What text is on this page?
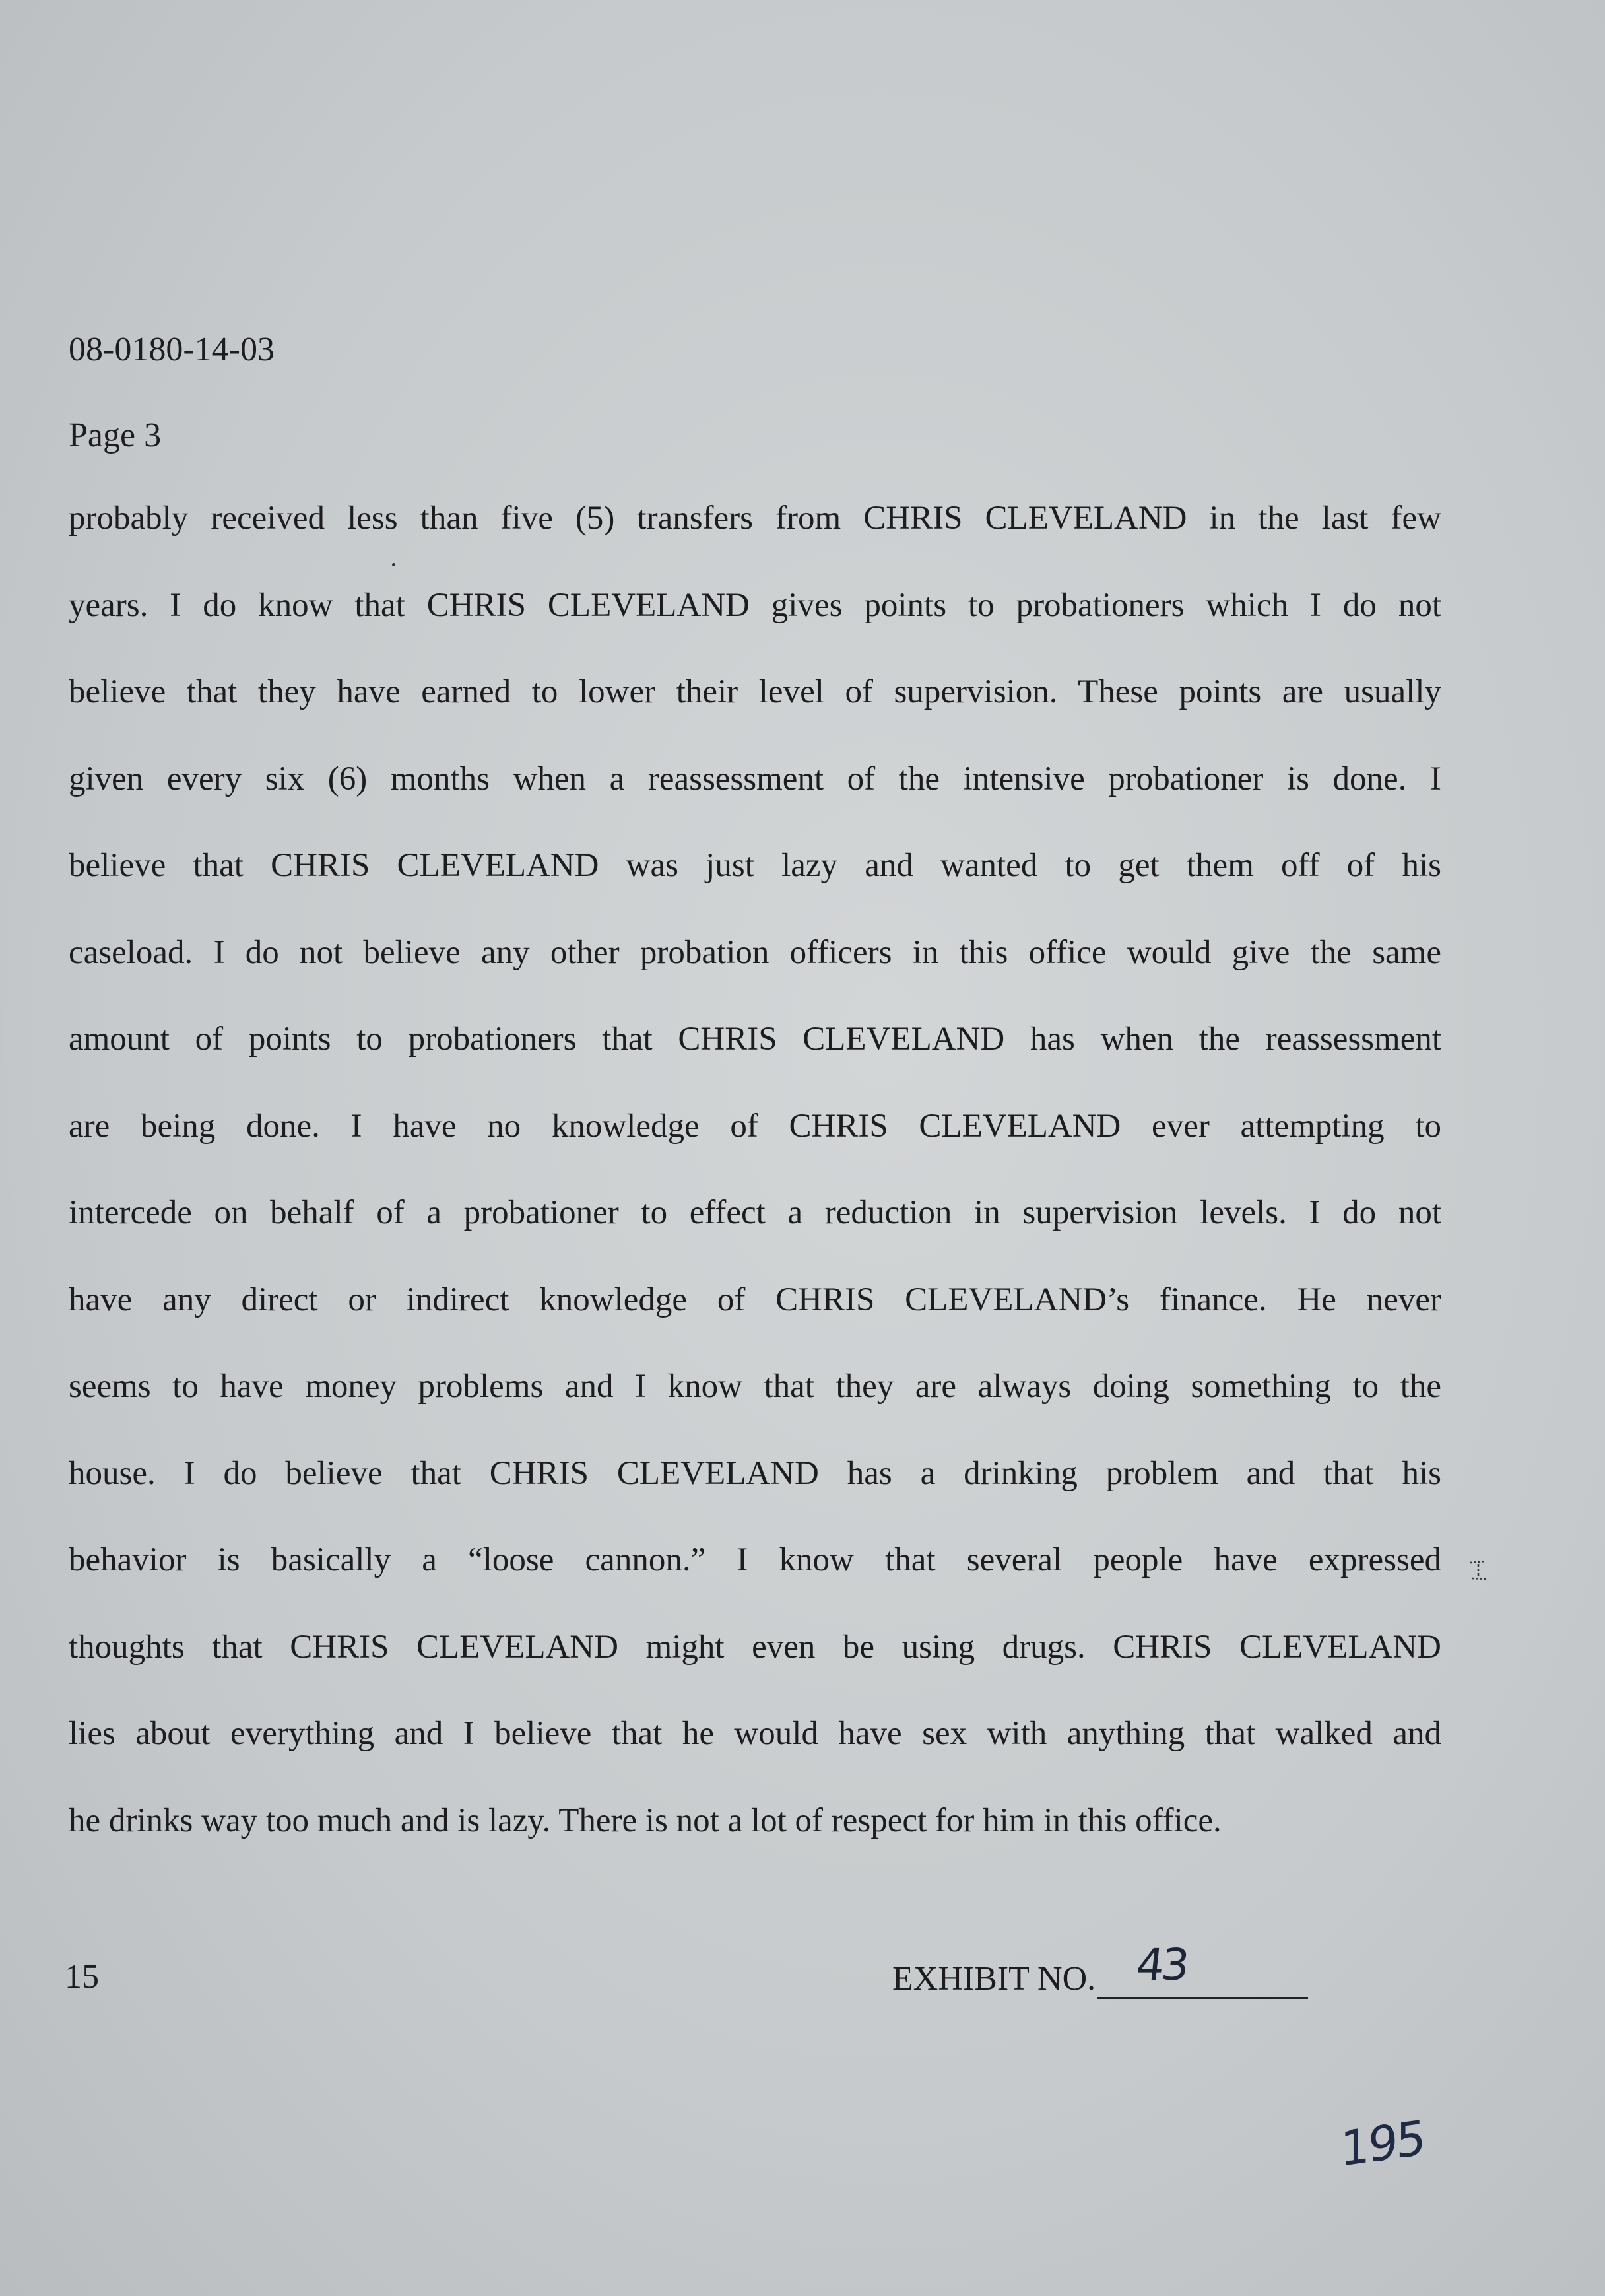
08-0180-14-03
Page 3
probably received less than five (5) transfers from CHRIS CLEVELAND in the last few
years. I do know that CHRIS CLEVELAND gives points to probationers which I do not
believe that they have earned to lower their level of supervision. These points are usually
given every six (6) months when a reassessment of the intensive probationer is done. I
believe that CHRIS CLEVELAND was just lazy and wanted to get them off of his
caseload. I do not believe any other probation officers in this office would give the same
amount of points to probationers that CHRIS CLEVELAND has when the reassessment
are being done. I have no knowledge of CHRIS CLEVELAND ever attempting to
intercede on behalf of a probationer to effect a reduction in supervision levels. I do not
have any direct or indirect knowledge of CHRIS CLEVELAND’s finance. He never
seems to have money problems and I know that they are always doing something to the
house. I do believe that CHRIS CLEVELAND has a drinking problem and that his
behavior is basically a “loose cannon.” I know that several people have expressed
thoughts that CHRIS CLEVELAND might even be using drugs. CHRIS CLEVELAND
lies about everything and I believe that he would have sex with anything that walked and
he drinks way too much and is lazy. There is not a lot of respect for him in this office.
15	EXHIBIT NO. 43
195
